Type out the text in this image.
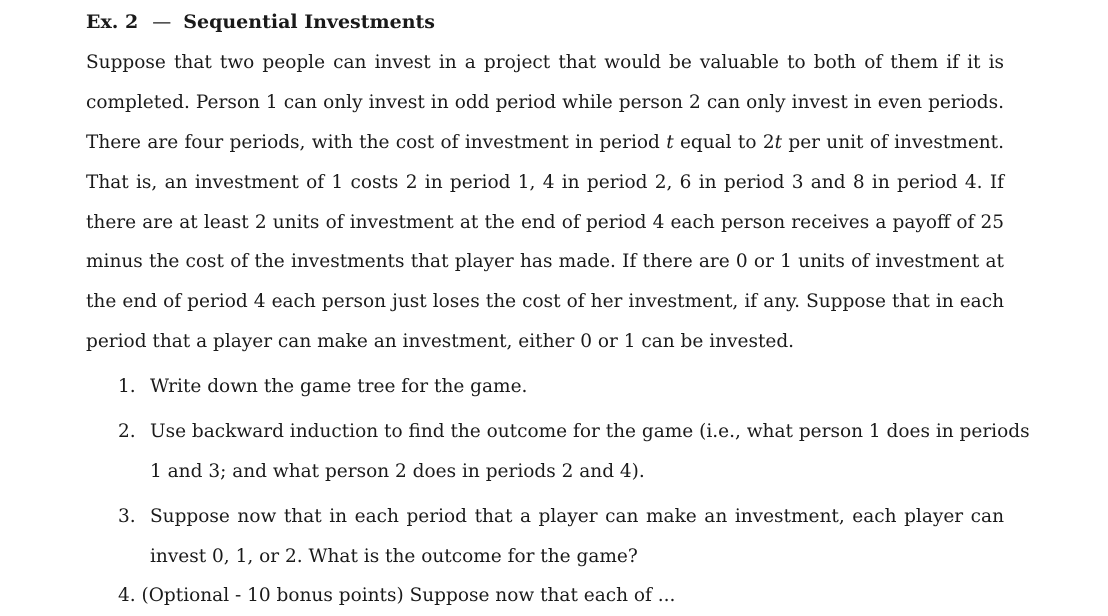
Ex. 2 — Sequential Investments
Suppose that two people can invest in a project that would be valuable to both of them if it is
completed. Person 1 can only invest in odd period while person 2 can only invest in even periods.
There are four periods, with the cost of investment in period t equal to 2t per unit of investment.
That is, an investment of 1 costs 2 in period 1, 4 in period 2, 6 in period 3 and 8 in period 4. If
there are at least 2 units of investment at the end of period 4 each person receives a payoff of 25
minus the cost of the investments that player has made. If there are 0 or 1 units of investment at
the end of period 4 each person just loses the cost of her investment, if any. Suppose that in each
period that a player can make an investment, either 0 or 1 can be invested.
1. Write down the game tree for the game.
2. Use backward induction to find the outcome for the game (i.e., what person 1 does in periods
1 and 3; and what person 2 does in periods 2 and 4).
3. Suppose now that in each period that a player can make an investment, each player can
invest 0, 1, or 2. What is the outcome for the game?
4. (Optional - 10 bonus points) Suppose now that each of ...
